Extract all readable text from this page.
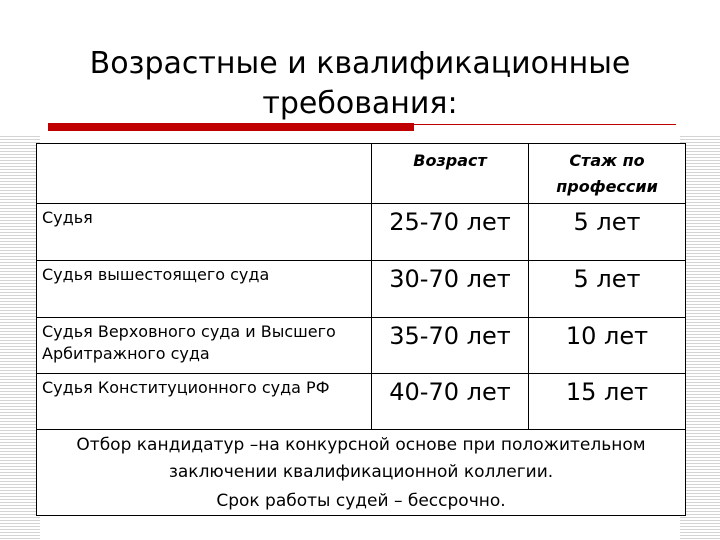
Возрастные и квалификационные требования:
	Возраст	Стаж по профессии
Судья	25-70 лет	5 лет
Судья вышестоящего суда	30-70 лет	5 лет
Судья Верховного суда и Высшего Арбитражного суда	35-70 лет	10 лет
Судья Конституционного суда РФ	40-70 лет	15 лет

Отбор кандидатур –на конкурсной основе при положительном заключении квалификационной коллегии.

Срок работы судей – бессрочно.		
